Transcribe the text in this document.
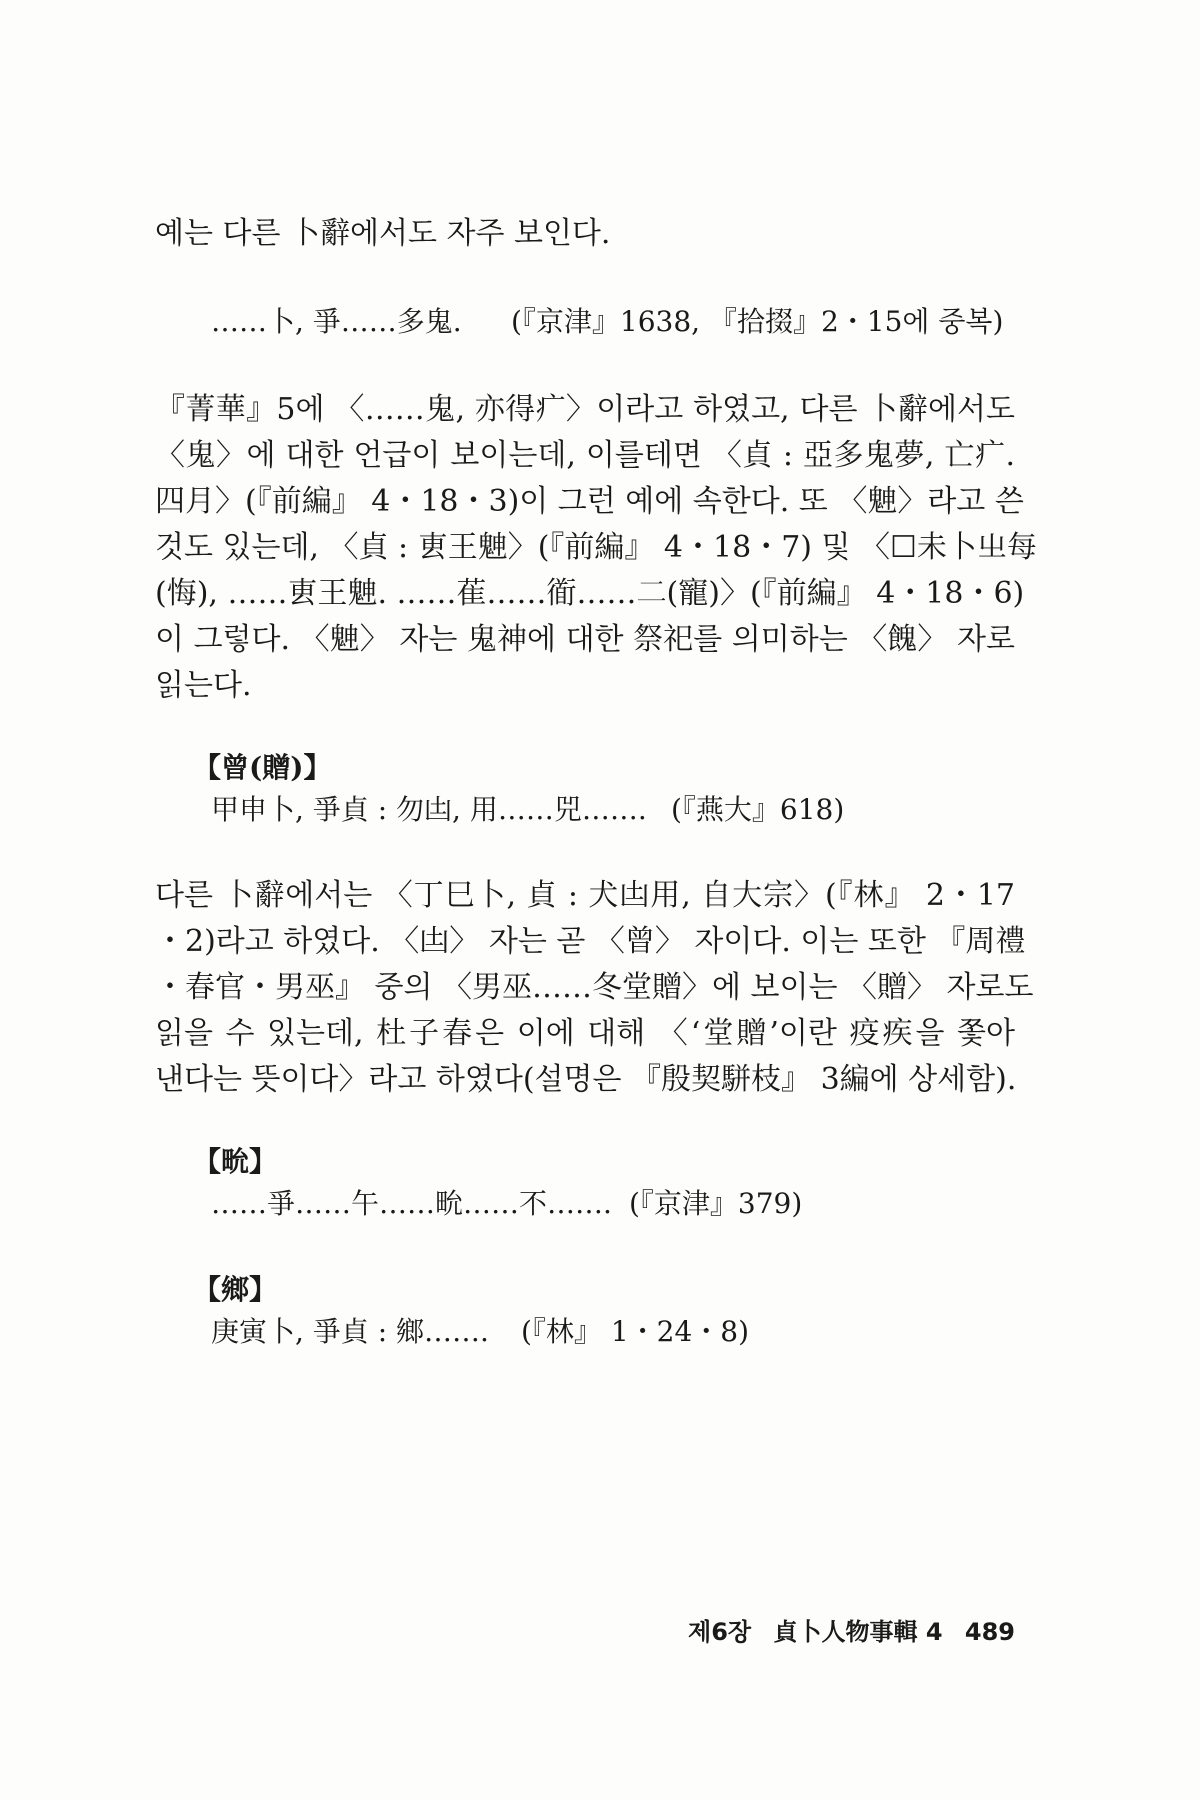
예는 다른 卜辭에서도 자주 보인다.
……卜, 爭……多鬼. (『京津』1638, 『拾掇』2・15에 중복)
『菁華』5에 〈……鬼, 亦得疒〉이라고 하였고, 다른 卜辭에서도
〈鬼〉에 대한 언급이 보이는데, 이를테면 〈貞 : 亞多鬼夢, 亡疒.
四月〉(『前編』 4・18・3)이 그런 예에 속한다. 또 〈䰠〉라고 쓴
것도 있는데, 〈貞 : 叀王䰠〉(『前編』 4・18・7) 및 〈☐未卜㞢每
(悔), ……叀王䰠. ……萑……衜……𠄞(寵)〉(『前編』 4・18・6)
이 그렇다. 〈䰠〉 자는 鬼神에 대한 祭祀를 의미하는 〈餽〉 자로
읽는다.
【曾(贈)】
甲申卜, 爭貞 : 勿凷, 用……兕……. (『燕大』618)
다른 卜辭에서는 〈丁巳卜, 貞 : 犬凷用, 自大宗〉(『林』 2・17
・2)라고 하였다. 〈凷〉 자는 곧 〈曾〉 자이다. 이는 또한 『周禮
・春官・男巫』 중의 〈男巫……冬堂贈〉에 보이는 〈贈〉 자로도
읽을 수 있는데, 杜子春은 이에 대해 〈‘堂贈’이란 疫疾을 쫓아
낸다는 뜻이다〉라고 하였다(설명은 『殷契駢枝』 3編에 상세함).
【㽙】
……爭……午……㽙……不……. (『京津』379)
【鄉】
庚寅卜, 爭貞 : 鄉……. (『林』 1・24・8)
제6장 貞卜人物事輯 4 489
